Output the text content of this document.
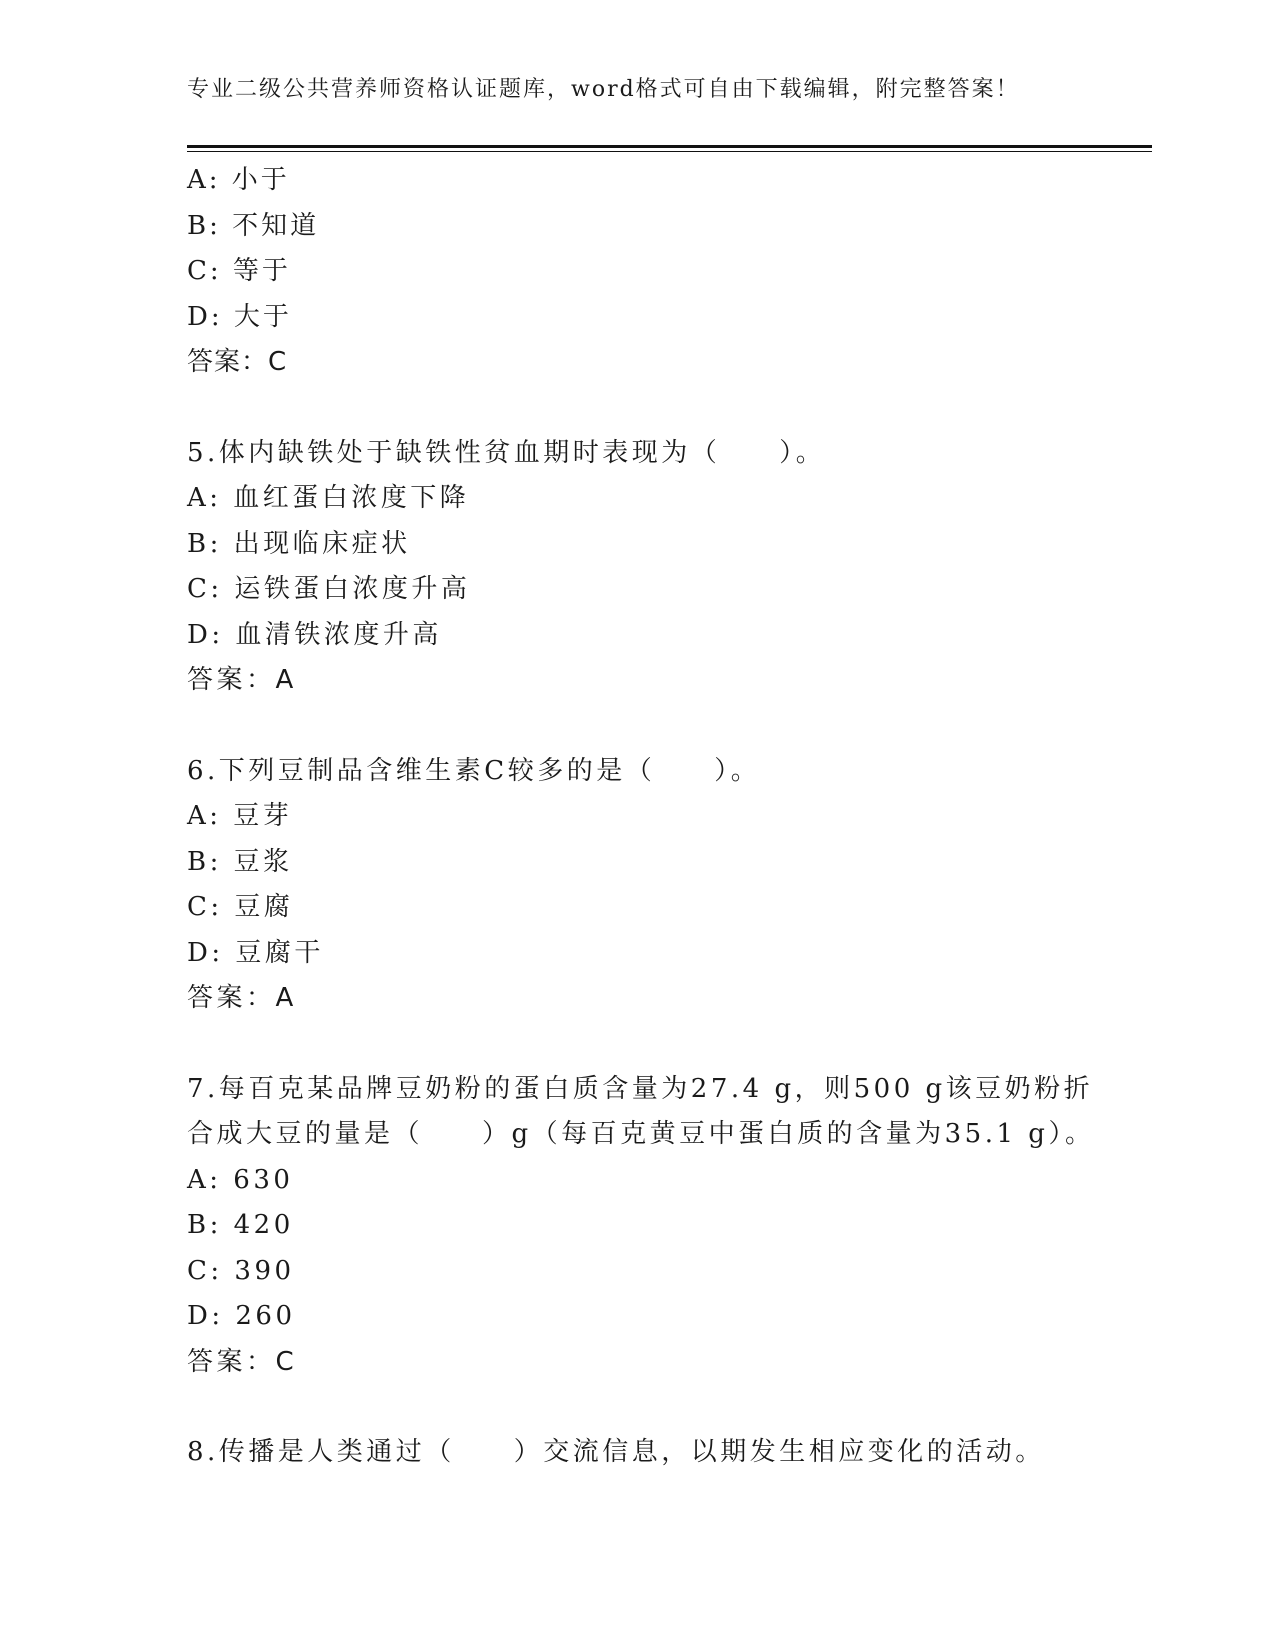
专业二级公共营养师资格认证题库，word格式可自由下载编辑，附完整答案！
A: 小于
B: 不知道
C: 等于
D: 大于
答案：C
5.体内缺铁处于缺铁性贫血期时表现为（　　）。
A: 血红蛋白浓度下降
B: 出现临床症状
C: 运铁蛋白浓度升高
D: 血清铁浓度升高
答案：A
6.下列豆制品含维生素C较多的是（　　）。
A: 豆芽
B: 豆浆
C: 豆腐
D: 豆腐干
答案：A
7.每百克某品牌豆奶粉的蛋白质含量为27.4 g，则500 g该豆奶粉折
合成大豆的量是（　　）g（每百克黄豆中蛋白质的含量为35.1 g）。
A: 630
B: 420
C: 390
D: 260
答案：C
8.传播是人类通过（　　）交流信息，以期发生相应变化的活动。
